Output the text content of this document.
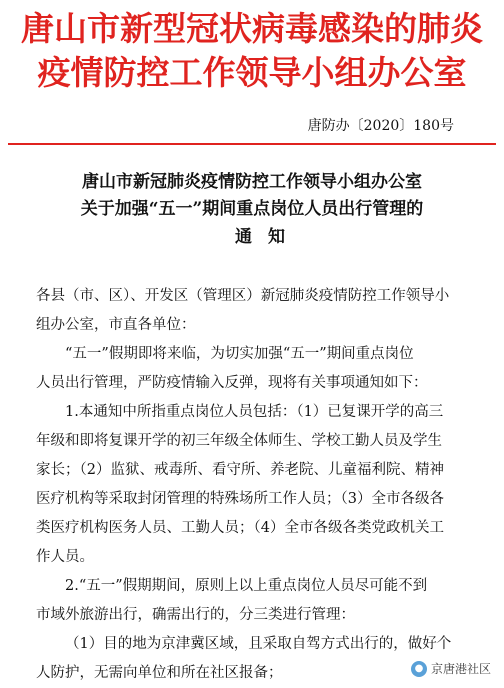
唐山市新型冠状病毒感染的肺炎
疫情防控工作领导小组办公室
唐防办〔2020〕180号
唐山市新冠肺炎疫情防控工作领导小组办公室
关于加强“五一”期间重点岗位人员出行管理的
通知
各县（市、区）、开发区（管理区）新冠肺炎疫情防控工作领导小
组办公室，市直各单位：
“五一”假期即将来临，为切实加强“五一”期间重点岗位
人员出行管理，严防疫情输入反弹，现将有关事项通知如下：
1.本通知中所指重点岗位人员包括：（1）已复课开学的高三
年级和即将复课开学的初三年级全体师生、学校工勤人员及学生
家长；（2）监狱、戒毒所、看守所、养老院、儿童福利院、精神
医疗机构等采取封闭管理的特殊场所工作人员；（3）全市各级各
类医疗机构医务人员、工勤人员；（4）全市各级各类党政机关工
作人员。
2.“五一”假期期间，原则上以上重点岗位人员尽可能不到
市域外旅游出行，确需出行的，分三类进行管理：
（1）目的地为京津冀区域，且采取自驾方式出行的，做好个
人防护，无需向单位和所在社区报备；	● 京唐港社区
